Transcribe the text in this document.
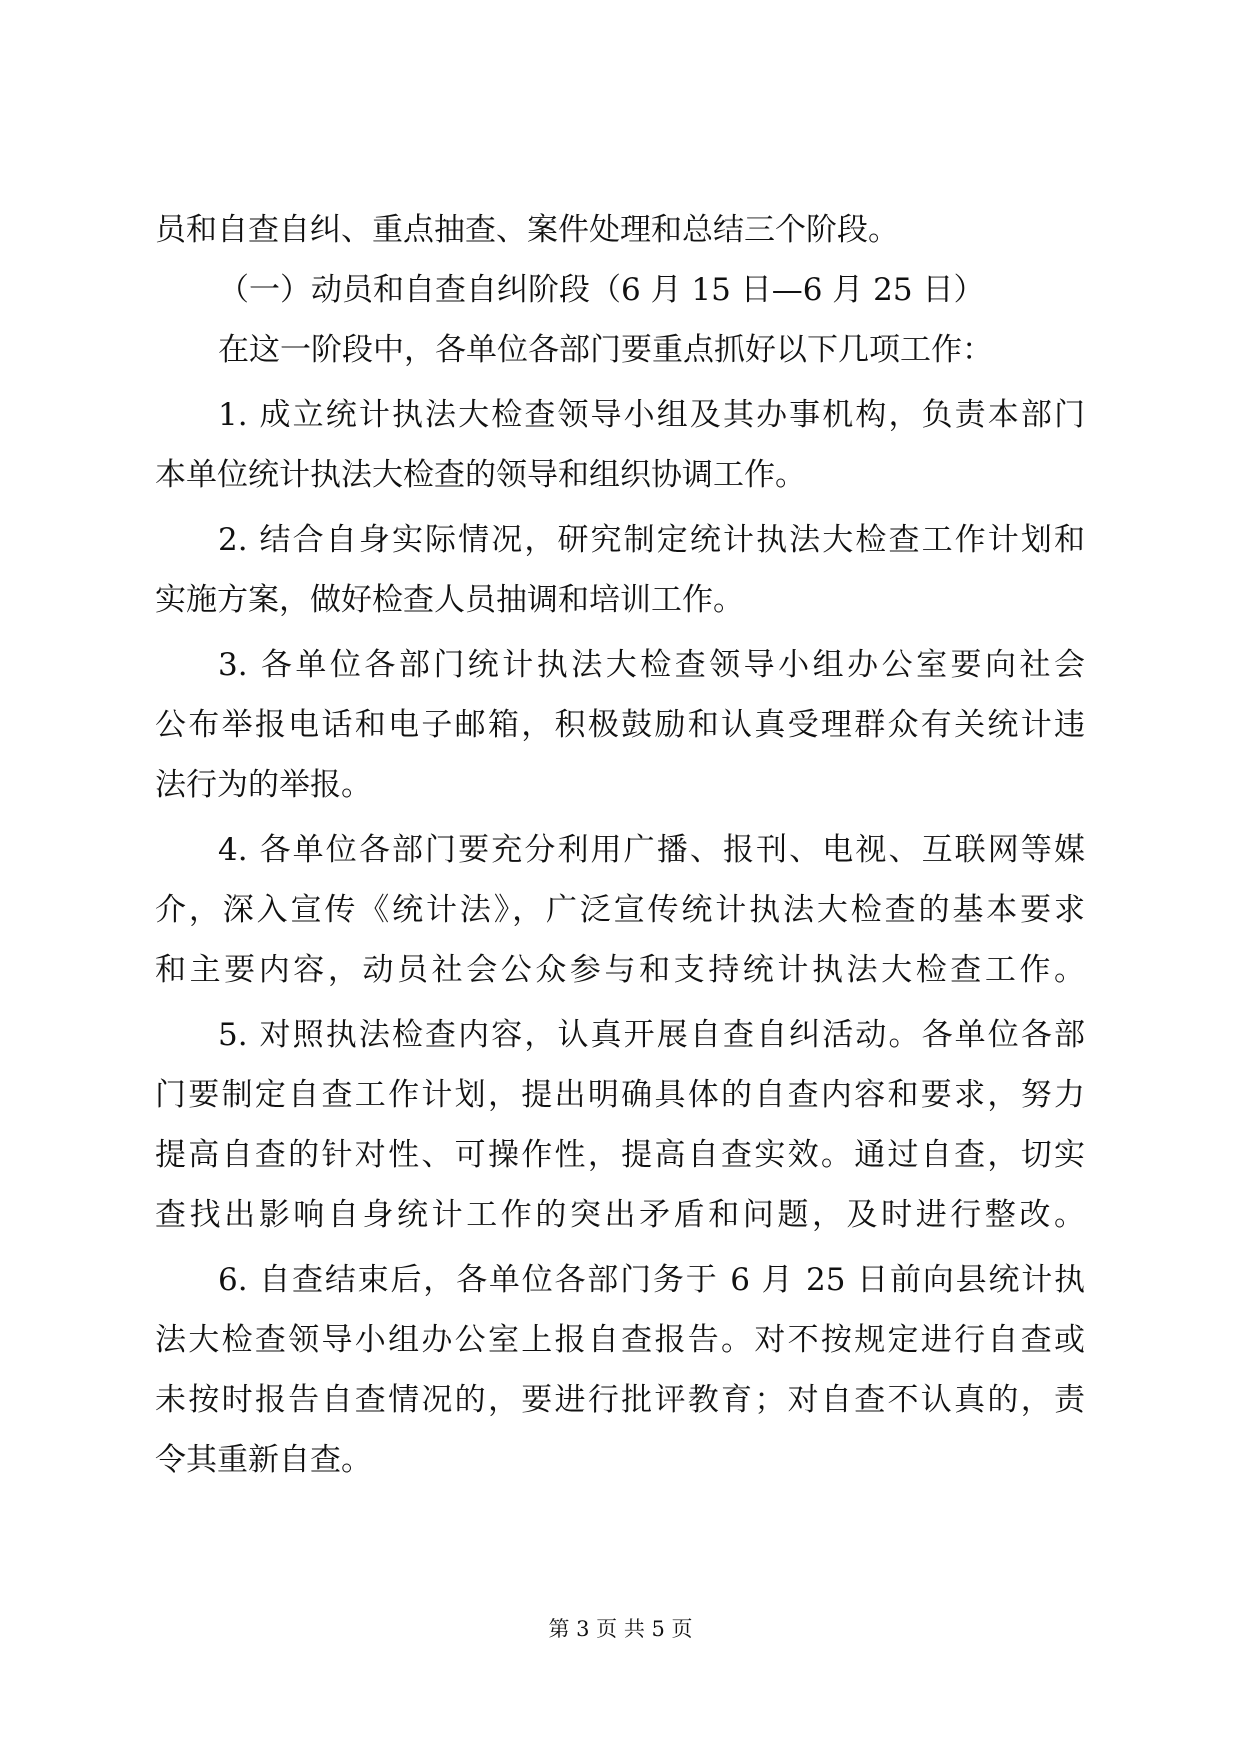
员和自查自纠、重点抽查、案件处理和总结三个阶段。

（一）动员和自查自纠阶段（6 月 15 日—6 月 25 日）

在这一阶段中，各单位各部门要重点抓好以下几项工作：

1. 成立统计执法大检查领导小组及其办事机构，负责本部门

本单位统计执法大检查的领导和组织协调工作。

2. 结合自身实际情况，研究制定统计执法大检查工作计划和

实施方案，做好检查人员抽调和培训工作。

3. 各单位各部门统计执法大检查领导小组办公室要向社会

公布举报电话和电子邮箱，积极鼓励和认真受理群众有关统计违

法行为的举报。

4. 各单位各部门要充分利用广播、报刊、电视、互联网等媒

介，深入宣传《统计法》，广泛宣传统计执法大检查的基本要求

和主要内容，动员社会公众参与和支持统计执法大检查工作。

5. 对照执法检查内容，认真开展自查自纠活动。各单位各部

门要制定自查工作计划，提出明确具体的自查内容和要求，努力

提高自查的针对性、可操作性，提高自查实效。通过自查，切实

查找出影响自身统计工作的突出矛盾和问题，及时进行整改。

6. 自查结束后，各单位各部门务于 6 月 25 日前向县统计执

法大检查领导小组办公室上报自查报告。对不按规定进行自查或

未按时报告自查情况的，要进行批评教育；对自查不认真的，责

令其重新自查。

第 3 页 共 5 页
